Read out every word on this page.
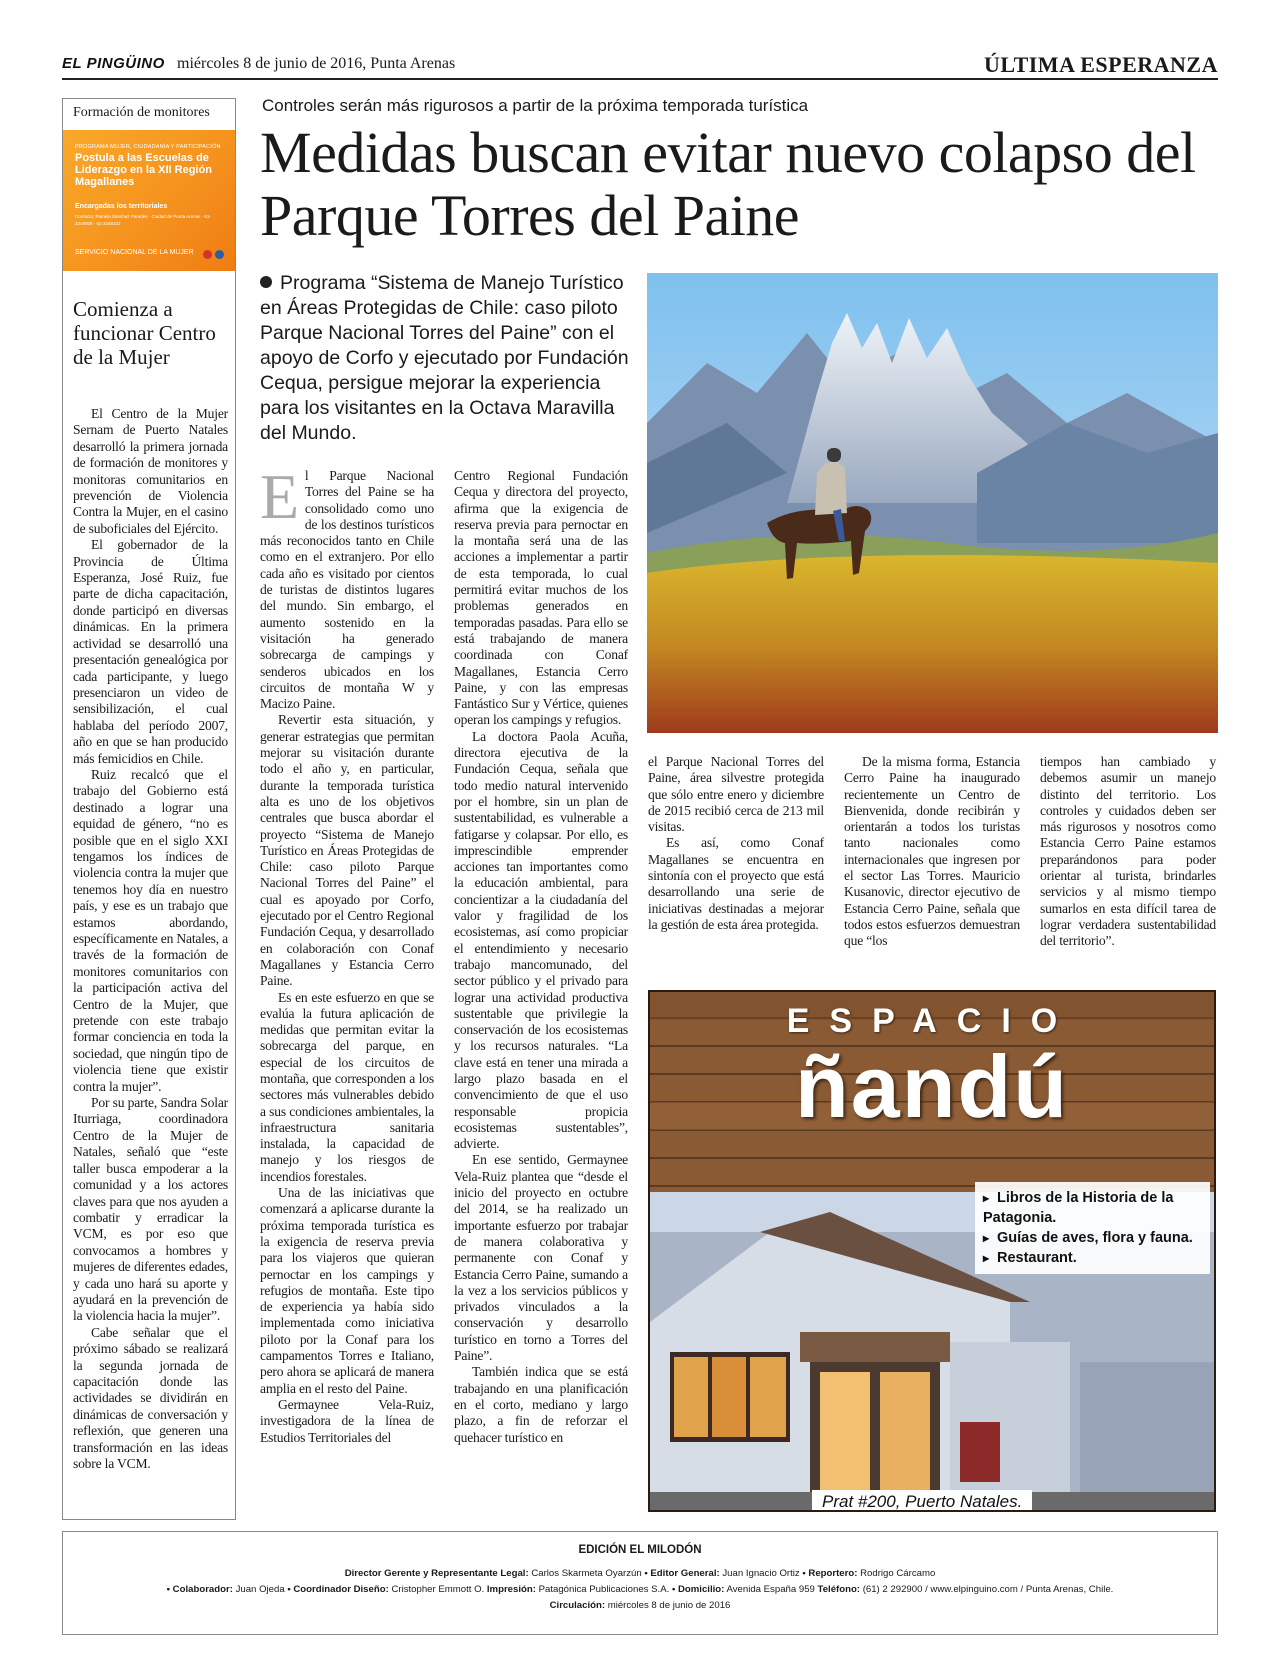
EL PINGÜINO miércoles 8 de junio de 2016, Punta Arenas	ÚLTIMA ESPERANZA
Formación de monitores
PROGRAMA MUJER, CIUDADANÍA Y PARTICIPACIÓN
Postula a las Escuelas de Liderazgo en la XII Región Magallanes
Encargadas los territoriales
Contacto: Pamela Sánchez Paredes · Ciudad de Punta Arenas · 61-2248009 · 61-2248103
SERVICIO NACIONAL DE LA MUJER
Comienza a funcionar Centro de la Mujer

El Centro de la Mujer Sernam de Puerto Natales desarrolló la primera jornada de formación de monitores y monitoras comunitarios en prevención de Violencia Contra la Mujer, en el casino de suboficiales del Ejército.

El gobernador de la Provincia de Última Esperanza, José Ruiz, fue parte de dicha capacitación, donde participó en diversas dinámicas. En la primera actividad se desarrolló una presentación genealógica por cada participante, y luego presenciaron un video de sensibilización, el cual hablaba del período 2007, año en que se han producido más femicidios en Chile.

Ruiz recalcó que el trabajo del Gobierno está destinado a lograr una equidad de género, “no es posible que en el siglo XXI tengamos los índices de violencia contra la mujer que tenemos hoy día en nuestro país, y ese es un trabajo que estamos abordando, específicamente en Natales, a través de la formación de monitores comunitarios con la participación activa del Centro de la Mujer, que pretende con este trabajo formar conciencia en toda la sociedad, que ningún tipo de violencia tiene que existir contra la mujer”.

Por su parte, Sandra Solar Iturriaga, coordinadora Centro de la Mujer de Natales, señaló que “este taller busca empoderar a la comunidad y a los actores claves para que nos ayuden a combatir y erradicar la VCM, es por eso que convocamos a hombres y mujeres de diferentes edades, y cada uno hará su aporte y ayudará en la prevención de la violencia hacia la mujer”.

Cabe señalar que el próximo sábado se realizará la segunda jornada de capacitación donde las actividades se dividirán en dinámicas de conversación y reflexión, que generen una transformación en las ideas sobre la VCM.

Controles serán más rigurosos a partir de la próxima temporada turística
Medidas buscan evitar nuevo colapso del Parque Torres del Paine
Programa “Sistema de Manejo Turístico en Áreas Protegidas de Chile: caso piloto Parque Nacional Torres del Paine” con el apoyo de Corfo y ejecutado por Fundación Cequa, persigue mejorar la experiencia para los visitantes en la Octava Maravilla del Mundo.
E l Parque Nacional Torres del Paine se ha consolidado como uno de los destinos turísticos más reconocidos tanto en Chile como en el extranjero. Por ello cada año es visitado por cientos de turistas de distintos lugares del mundo. Sin embargo, el aumento sostenido en la visitación ha generado sobrecarga de campings y senderos ubicados en los circuitos de montaña W y Macizo Paine.

Revertir esta situación, y generar estrategias que permitan mejorar su visitación durante todo el año y, en particular, durante la temporada turística alta es uno de los objetivos centrales que busca abordar el proyecto “Sistema de Manejo Turístico en Áreas Protegidas de Chile: caso piloto Parque Nacional Torres del Paine” el cual es apoyado por Corfo, ejecutado por el Centro Regional Fundación Cequa, y desarrollado en colaboración con Conaf Magallanes y Estancia Cerro Paine.

Es en este esfuerzo en que se evalúa la futura aplicación de medidas que permitan evitar la sobrecarga del parque, en especial de los circuitos de montaña, que corresponden a los sectores más vulnerables debido a sus condiciones ambientales, la infraestructura sanitaria instalada, la capacidad de manejo y los riesgos de incendios forestales.

Una de las iniciativas que comenzará a aplicarse durante la próxima temporada turística es la exigencia de reserva previa para los viajeros que quieran pernoctar en los campings y refugios de montaña. Este tipo de experiencia ya había sido implementada como iniciativa piloto por la Conaf para los campamentos Torres e Italiano, pero ahora se aplicará de manera amplia en el resto del Paine.

Germaynee Vela-Ruiz, investigadora de la línea de Estudios Territoriales del

Centro Regional Fundación Cequa y directora del proyecto, afirma que la exigencia de reserva previa para pernoctar en la montaña será una de las acciones a implementar a partir de esta temporada, lo cual permitirá evitar muchos de los problemas generados en temporadas pasadas. Para ello se está trabajando de manera coordinada con Conaf Magallanes, Estancia Cerro Paine, y con las empresas Fantástico Sur y Vértice, quienes operan los campings y refugios.

La doctora Paola Acuña, directora ejecutiva de la Fundación Cequa, señala que todo medio natural intervenido por el hombre, sin un plan de sustentabilidad, es vulnerable a fatigarse y colapsar. Por ello, es imprescindible emprender acciones tan importantes como la educación ambiental, para concientizar a la ciudadanía del valor y fragilidad de los ecosistemas, así como propiciar el entendimiento y necesario trabajo mancomunado, del sector público y el privado para lograr una actividad productiva sustentable que privilegie la conservación de los ecosistemas y los recursos naturales. “La clave está en tener una mirada a largo plazo basada en el convencimiento de que el uso responsable propicia ecosistemas sustentables”, advierte.

En ese sentido, Germaynee Vela-Ruiz plantea que “desde el inicio del proyecto en octubre del 2014, se ha realizado un importante esfuerzo por trabajar de manera colaborativa y permanente con Conaf y Estancia Cerro Paine, sumando a la vez a los servicios públicos y privados vinculados a la conservación y desarrollo turístico en torno a Torres del Paine”.

También indica que se está trabajando en una planificación en el corto, mediano y largo plazo, a fin de reforzar el quehacer turístico en

el Parque Nacional Torres del Paine, área silvestre protegida que sólo entre enero y diciembre de 2015 recibió cerca de 213 mil visitas.

Es así, como Conaf Magallanes se encuentra en sintonía con el proyecto que está desarrollando una serie de iniciativas destinadas a mejorar la gestión de esta área protegida.

De la misma forma, Estancia Cerro Paine ha inaugurado recientemente un Centro de Bienvenida, donde recibirán y orientarán a todos los turistas tanto nacionales como internacionales que ingresen por el sector Las Torres. Mauricio Kusanovic, director ejecutivo de Estancia Cerro Paine, señala que todos estos esfuerzos demuestran que “los

tiempos han cambiado y debemos asumir un manejo distinto del territorio. Los controles y cuidados deben ser más rigurosos y nosotros como Estancia Cerro Paine estamos preparándonos para poder orientar al turista, brindarles servicios y al mismo tiempo sumarlos en esta difícil tarea de lograr verdadera sustentabilidad del territorio”.

ESPACIO
ñandú
▸ Libros de la Historia de la Patagonia.
▸ Guías de aves, flora y fauna.
▸ Restaurant.
Prat #200, Puerto Natales.
EDICIÓN EL MILODÓN
Director Gerente y Representante Legal: Carlos Skarmeta Oyarzún • Editor General: Juan Ignacio Ortiz • Reportero: Rodrigo Cárcamo
• Colaborador: Juan Ojeda • Coordinador Diseño: Cristopher Emmott O. Impresión: Patagónica Publicaciones S.A. • Domicilio: Avenida España 959 Teléfono: (61) 2 292900 / www.elpinguino.com / Punta Arenas, Chile.
Circulación: miércoles 8 de junio de 2016
